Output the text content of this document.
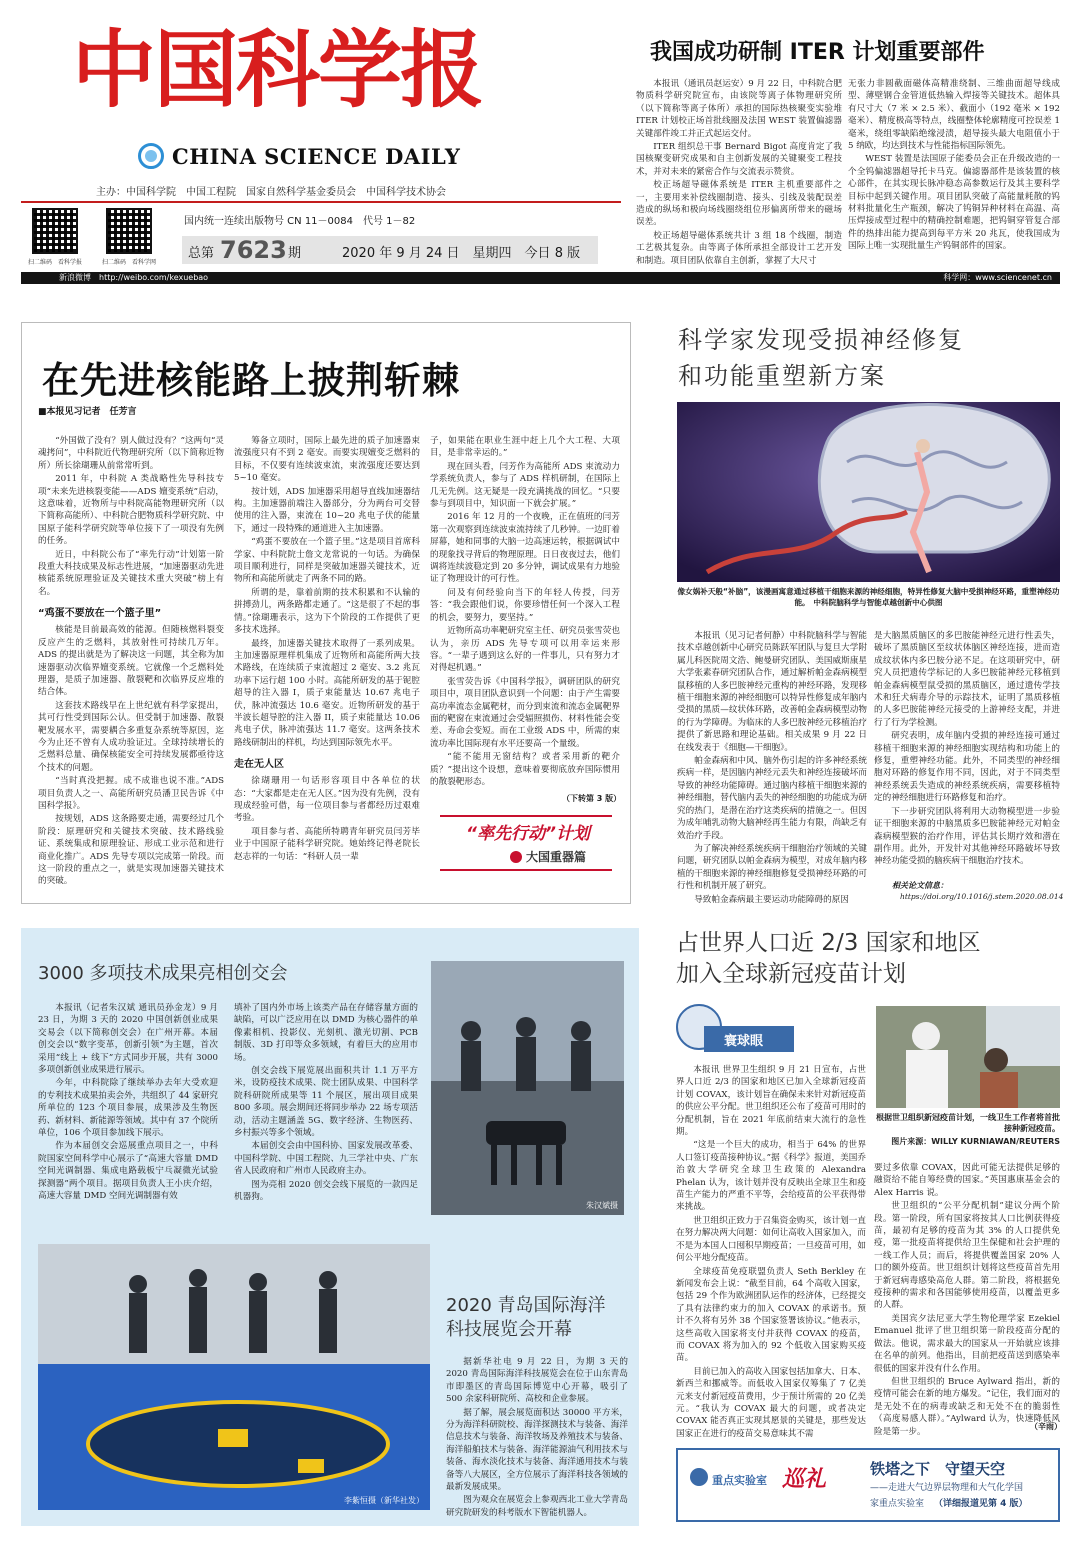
中国科学报
CHINA SCIENCE DAILY
主办：中国科学院　中国工程院　国家自然科学基金委员会　中国科学技术协会
扫二维码　看科学报	扫二维码　看科学网
国内统一连续出版物号 CN 11－0084　代号 1－82
总第 7623 期	2020 年 9 月 24 日　星期四　今日 8 版
新浪微博　http://weibo.com/kexuebao	科学网：www.sciencenet.cn
我国成功研制 ITER 计划重要部件

本报讯（通讯员赵运安）9 月 22 日，中科院合肥物质科学研究院宣布，由该院等离子体物理研究所（以下简称等离子体所）承担的国际热核聚变实验堆 ITER 计划校正场首批线圈及法国 WEST 装置偏滤器关键部件竣工并正式起运交付。

ITER 组织总干事 Bernard Bigot 高度肯定了我国核聚变研究成果和自主创新发展的关键聚变工程技术，并对未来的紧密合作与交流表示赞赏。

校正场超导磁体系统是 ITER 主机重要部件之一，主要用来补偿线圈制造、接头、引线及装配误差造成的纵场和极向场线圈绕组位形偏离所带来的磁场误差。

校正场超导磁体系统共计 3 组 18 个线圈，制造工艺极其复杂。由等离子体所承担全部设计工艺开发和制造。项目团队依靠自主创新，掌握了大尺寸

无张力非圆截面磁体高精准绕制、三维曲面超导线成型、薄壁钢合金管道低热输入焊接等关键技术。超体具有尺寸大（7 米 × 2.5 米）、截面小（192 毫米 × 192 毫米）、精度极高等特点，线圈整体轮廓精度可控误差 1 毫米，绕组零缺陷绝缘浸渍，超导接头最大电阻值小于 5 纳欧，均达到技术与性能指标国际领先。

WEST 装置是法国原子能委员会正在升级改造的一个全钨偏滤器超导托卡马克。偏滤器部件是该装置的核心部件，在其实现长脉冲稳态高参数运行及其主要科学目标中起到关键作用。项目团队突破了高能量耗散的钨材料批量化生产瓶颈，解决了钨铜异种材料在高温、高压焊接成型过程中的精确控制难题，把钨铜穿管复合部件的热排出能力提高到每平方米 20 兆瓦，使我国成为国际上唯一实现批量生产钨铜部件的国家。

在先进核能路上披荆斩棘
■本报见习记者　任芳言

“外国做了没有？别人做过没有？”这两句“灵魂拷问”，中科院近代物理研究所（以下简称近物所）所长徐瑚珊从前常常听到。

2011 年，中科院 A 类战略性先导科技专项“未来先进核裂变能——ADS 嬗变系统”启动，这意味着，近物所与中科院高能物理研究所（以下简称高能所）、中科院合肥物质科学研究院、中国原子能科学研究院等单位接下了一项没有先例的任务。

近日，中科院公布了“率先行动”计划第一阶段重大科技成果及标志性进展，“加速器驱动先进核能系统原理验证及关键技术重大突破”榜上有名。

“鸡蛋不要放在一个篮子里”

核能是目前最高效的能源。但随核燃料裂变反应产生的乏燃料，其放射性可持续几万年。ADS 的提出就是为了解决这一问题，其全称为加速器驱动次临界嬗变系统。它就像一个乏燃料处理器，是质子加速器、散裂靶和次临界反应堆的结合体。

这套技术路线早在上世纪就有科学家提出，其可行性受到国际公认。但受制于加速器、散裂靶发展水平，需要耦合多重复杂系统等原因，迄今为止还不曾有人成功验证过。全球持续增长的乏燃料总量、确保核能安全可持续发展都亟待这个技术的问题。

“当时真没把握。成不成谁也说不准。”ADS 项目负责人之一、高能所研究员潘卫民告诉《中国科学报》。

按规划，ADS 这条路要走通，需要经过几个阶段：原理研究和关键技术突破、技术路线验证、系统集成和原理验证、形成工业示范和进行商业化推广。ADS 先导专项以完成第一阶段。而这一阶段的重点之一，就是实现加速器关键技术的突破。

筹备立项时，国际上最先进的质子加速器束流强度只有不到 2 毫安。而要实现嬗变乏燃料的目标，不仅要有连续波束流，束流强度还要达到 5~10 毫安。

按计划，ADS 加速器采用超导直线加速器结构。主加速器前端注入器部分，分为两台可交替使用的注入器，束流在 10~20 兆电子伏的能量下，通过一段特殊的通道进入主加速器。

“鸡蛋不要放在一个篮子里。”这是项目首席科学家、中科院院士詹文龙常说的一句话。为确保项目顺利进行，同样是突破加速器关键技术，近物所和高能所就走了两条不同的路。

所谓的是，靠着前期的技术积累和不认输的拼搏劲儿，两条路都走通了。“这是很了不起的事情。”徐瑚珊表示，这为下个阶段的工作提供了更多技术选择。

最终，加速器关键技术取得了一系列成果。主加速器原理样机集成了近物所和高能所两大技术路线，在连续质子束流超过 2 毫安、3.2 兆瓦功率下运行超 100 小时。高能所研发的基于铌腔超导的注入器 I，质子束能量达 10.67 兆电子伏，脉冲流强达 10.6 毫安。近物所研发的基于半波长超导腔的注入器 II，质子束能量达 10.06 兆电子伏，脉冲流强达 11.7 毫安。这两条技术路线研制出的样机，均达到国际领先水平。

走在无人区

徐瑚珊用一句话形容项目中各单位的状态：“大家都是走在无人区。”因为没有先例，没有现成经验可借，每一位项目参与者都经历过艰难考验。

项目参与者、高能所特聘青年研究员闫芳毕业于中国原子能科学研究院。她始终记得老院长赵志祥的一句话：“科研人员一辈

子，如果能在职业生涯中赶上几个大工程、大项目，是非常幸运的。”

现在回头看，闫芳作为高能所 ADS 束流动力学系统负责人，参与了 ADS 样机研制，在国际上几无先例。这无疑是一段充满挑战的回忆。“只要参与到项目中，知识面一下就会扩展。”

2016 年 12 月的一个夜晚，正在值班的闫芳第一次观察到连续波束流持续了几秒钟。一边盯着屏幕，她和同事的大脑一边高速运转，根据调试中的现象找寻背后的物理原理。日日夜夜过去，他们调将连续波稳定到 20 多分钟，调试成果有力地验证了物理设计的可行性。

问及有何经验向当下的年轻人传授，闫芳答：“我会跟他们说，你要珍惜任何一个深入工程的机会，要努力，要坚持。”

近物所高功率靶研究室主任、研究员张雪荧也认为，亲历 ADS 先导专项可以用幸运来形容。“一辈子遇到这么好的一件事儿，只有努力才对得起机遇。”

张雪荧告诉《中国科学报》，调研团队的研究项目中，项目团队意识到一个问题：由于产生需要高功率流态金属靶材，而分到束流和流态金属靶界面的靶窗在束流通过会受辐照损伤、材料性能会变差、寿命会变短。而在工业级 ADS 中，所需的束流功率比国际现有水平还要高一个量级。

“能不能用无窗结构？或者采用新的靶介质？”提出这个设想，意味着要彻底放弃国际惯用的散裂靶形态。

（下转第 3 版）
“率先行动”计划
大国重器篇
科学家发现受损神经修复
和功能重塑新方案
像女娲补天般“补脑”，该漫画寓意通过移植干细胞来源的神经细胞，特异性修复大脑中受损神经环路，重塑神经功能。　中科院脑科学与智能卓越创新中心供图

本报讯（见习记者何静）中科院脑科学与智能技术卓越创新中心研究员陈跃军团队与复旦大学附属儿科医院周文浩、鲍曼研究团队、美国威斯康星大学张素春研究团队合作，通过解析帕金森病模型鼠移植的人多巴胺神经元重构的神经环路，发现移植干细胞来源的神经细胞可以特异性修复成年脑内受损的黑质—纹状体环路，改善帕金森病模型动物的行为学障碍。为临床的人多巴胺神经元移植治疗提供了新思路和理论基础。相关成果 9 月 22 日在线发表于《细胞—干细胞》。

帕金森病和中风、脑外伤引起的许多神经系统疾病一样，是因脑内神经元丢失和神经连接破坏而导致的神经功能障碍。通过脑内移植干细胞来源的神经细胞，替代脑内丢失的神经细胞的功能成为研究的热门，是潜在治疗这类疾病的措施之一。但因为成年哺乳动物大脑神经再生能力有限，尚缺乏有效治疗手段。

为了解决神经系统疾病干细胞治疗领域的关键问题，研究团队以帕金森病为模型，对成年脑内移植的干细胞来源的神经细胞修复受损神经环路的可行性和机制开展了研究。

导致帕金森病最主要运动功能障碍的原因

是大脑黑质脑区的多巴胺能神经元进行性丢失，破坏了黑质脑区至纹状体脑区神经连接，进而造成纹状体内多巴胺分泌不足。在这项研究中，研究人员把遗传学标记的人多巴胺能神经元移植到帕金森病模型鼠受损的黑质脑区，通过遗传学技术和狂犬病毒介导的示踪技术，证明了黑质移植的人多巴胺能神经元接受的上游神经支配，并进行了行为学检测。

研究表明，成年脑内受损的神经连接可通过移植干细胞来源的神经细胞实现结构和功能上的修复，重塑神经功能。此外，不同类型的神经细胞对环路的修复作用不同，因此，对于不同类型神经系统丢失造成的神经系统疾病，需要移植特定的神经细胞进行环路修复和治疗。

下一步研究团队将利用大动物模型进一步验证干细胞来源的中脑黑质多巴胺能神经元对帕金森病模型猴的治疗作用，评估其长期疗效和潜在副作用。此外，开发针对其他神经环路破坏导致神经功能受损的脑疾病干细胞治疗技术。

相关论文信息：
https://doi.org/10.1016/j.stem.2020.08.014
3000 多项技术成果亮相创交会

本报讯（记者朱汉斌 通讯员孙金龙）9 月 23 日，为期 3 天的 2020 中国创新创业成果交易会（以下简称创交会）在广州开幕。本届创交会以“数字变革，创新引领”为主题，首次采用“线上 + 线下”方式同步开展，共有 3000 多项创新创业成果进行展示。

今年，中科院除了继续举办去年大受欢迎的专利技术成果拍卖会外，共组织了 44 家研究所单位的 123 个项目参展，成果涉及生物医药、新材料、新能源等领域。其中有 37 个院所单位，106 个项目参加线下展示。

作为本届创交会巡展重点项目之一，中科院国家空间科学中心展示了“高速大容量 DMD 空间光调制器、集成电路载板宁乓凝微光试验探测器”两个项目。据项目负责人王小庆介绍，高速大容量 DMD 空间光调制器有效

填补了国内外市场上该类产品在存储容量方面的缺陷，可以广泛应用在以 DMD 为核心器件的单像素相机、投影仪、光刻机、激光切割、PCB 制版、3D 打印等众多领域，有着巨大的应用市场。

创交会线下展览展出面积共计 1.1 万平方米，设防疫技术成果、院士团队成果、中国科学院科研院所成果等 11 个展区，展出项目成果 800 多项。展会期间还将同步举办 22 场专项活动，活动主题涵盖 5G、数字经济、生物医药、乡村振兴等多个领域。

本届创交会由中国科协、国家发展改革委、中国科学院、中国工程院、九三学社中央、广东省人民政府和广州市人民政府主办。

图为亮相 2020 创交会线下展览的一款四足机器狗。

朱汉斌摄
李紫恒摄（新华社发）
2020 青岛国际海洋
科技展览会开幕

据新华社电 9 月 22 日，为期 3 天的 2020 青岛国际海洋科技展览会在位于山东青岛市即墨区的青岛国际博览中心开幕，吸引了 500 余家科研院所、高校和企业参展。

据了解，展会展览面积达 30000 平方米，分为海洋科研院校、海洋探测技术与装备、海洋信息技术与装备、海洋牧场及养殖技术与装备、海洋船舶技术与装备、海洋能源油气利用技术与装备、海水淡化技术与装备、海洋通用技术与装备等八大展区，全方位展示了海洋科技各领域的最新发展成果。

图为观众在展览会上参观西北工业大学青岛研究院研发的科考版水下智能机器人。

占世界人口近 2/3 国家和地区
加入全球新冠疫苗计划
寰球眼
根据世卫组织新冠疫苗计划，一线卫生工作者将首批接种新冠疫苗。
图片来源：WILLY KURNIAWAN/REUTERS

本报讯 世界卫生组织 9 月 21 日宣布，占世界人口近 2/3 的国家和地区已加入全球新冠疫苗计划 COVAX，该计划旨在确保未来针对新冠疫苗的供应公平分配。世卫组织还公布了疫苗可用时的分配机制，旨在 2021 年底前结束大流行的急性期。

“这是一个巨大的成功，相当于 64% 的世界人口签订疫苗接种协议。”据《科学》报道，美国乔治敦大学研究全球卫生政策的 Alexandra Phelan 认为，该计划并没有反映出全球卫生和疫苗生产能力的严重不平等，会给疫苗的公平获得带来挑战。

世卫组织正致力于召集资金购买，该计划一直在努力解决两大问题：如何让高收入国家加入，而不是为本国人口囤积早期疫苗；一旦疫苗可用，如何公平地分配疫苗。

全球疫苗免疫联盟负责人 Seth Berkley 在新闻发布会上说：“截至目前，64 个高收入国家，包括 29 个作为欧洲团队运作的经济体，已经提交了具有法律约束力的加入 COVAX 的承诺书。预计不久将有另外 38 个国家签署该协议。”他表示，这些高收入国家将支付并获得 COVAX 的疫苗，而 COVAX 将为加入的 92 个低收入国家购买疫苗。

目前已加入的高收入国家包括加拿大、日本、新西兰和挪威等。而低收入国家仅筹集了 7 亿美元来支付新冠疫苗费用，少于预计所需的 20 亿美元。“我认为 COVAX 最大的问题，或者决定 COVAX 能否真正实现其愿景的关键是，那些发达国家正在进行的疫苗交易意味其不需

要过多依靠 COVAX，因此可能无法提供足够的融资给不能自筹经费的国家。”英国惠康基金会的 Alex Harris 说。

世卫组织的“公平分配机制”建议分两个阶段。第一阶段，所有国家将按其人口比例获得疫苗，最初有足够的疫苗为其 3% 的人口提供免疫，第一批疫苗将提供给卫生保健和社会护理的一线工作人员；而后，将提供覆盖国家 20% 人口的额外疫苗。世卫组织计划将这些疫苗首先用于新冠病毒感染高危人群。第二阶段，将根据免疫接种的需求和各国能够使用疫苗，以覆盖更多的人群。

美国宾夕法尼亚大学生物伦理学家 Ezekiel Emanuel 批评了世卫组织第一阶段疫苗分配的做法。他说，需求最大的国家从一开始就应该排在名单的前列。他指出，目前把疫苗送到感染率很低的国家并没有什么作用。

但世卫组织的 Bruce Aylward 指出，新的疫情可能会在新的地方爆发。“记住，我们面对的是无处不在的病毒或缺乏和无处不在的脆弱性（高度易感人群）。”Aylward 认为，快速降低风险是第一步。

（辛雨）
重点实验室 巡礼	铁塔之下　守望天空
——走进大气边界层物理和大气化学国
家重点实验室 （详细报道见第 4 版）
